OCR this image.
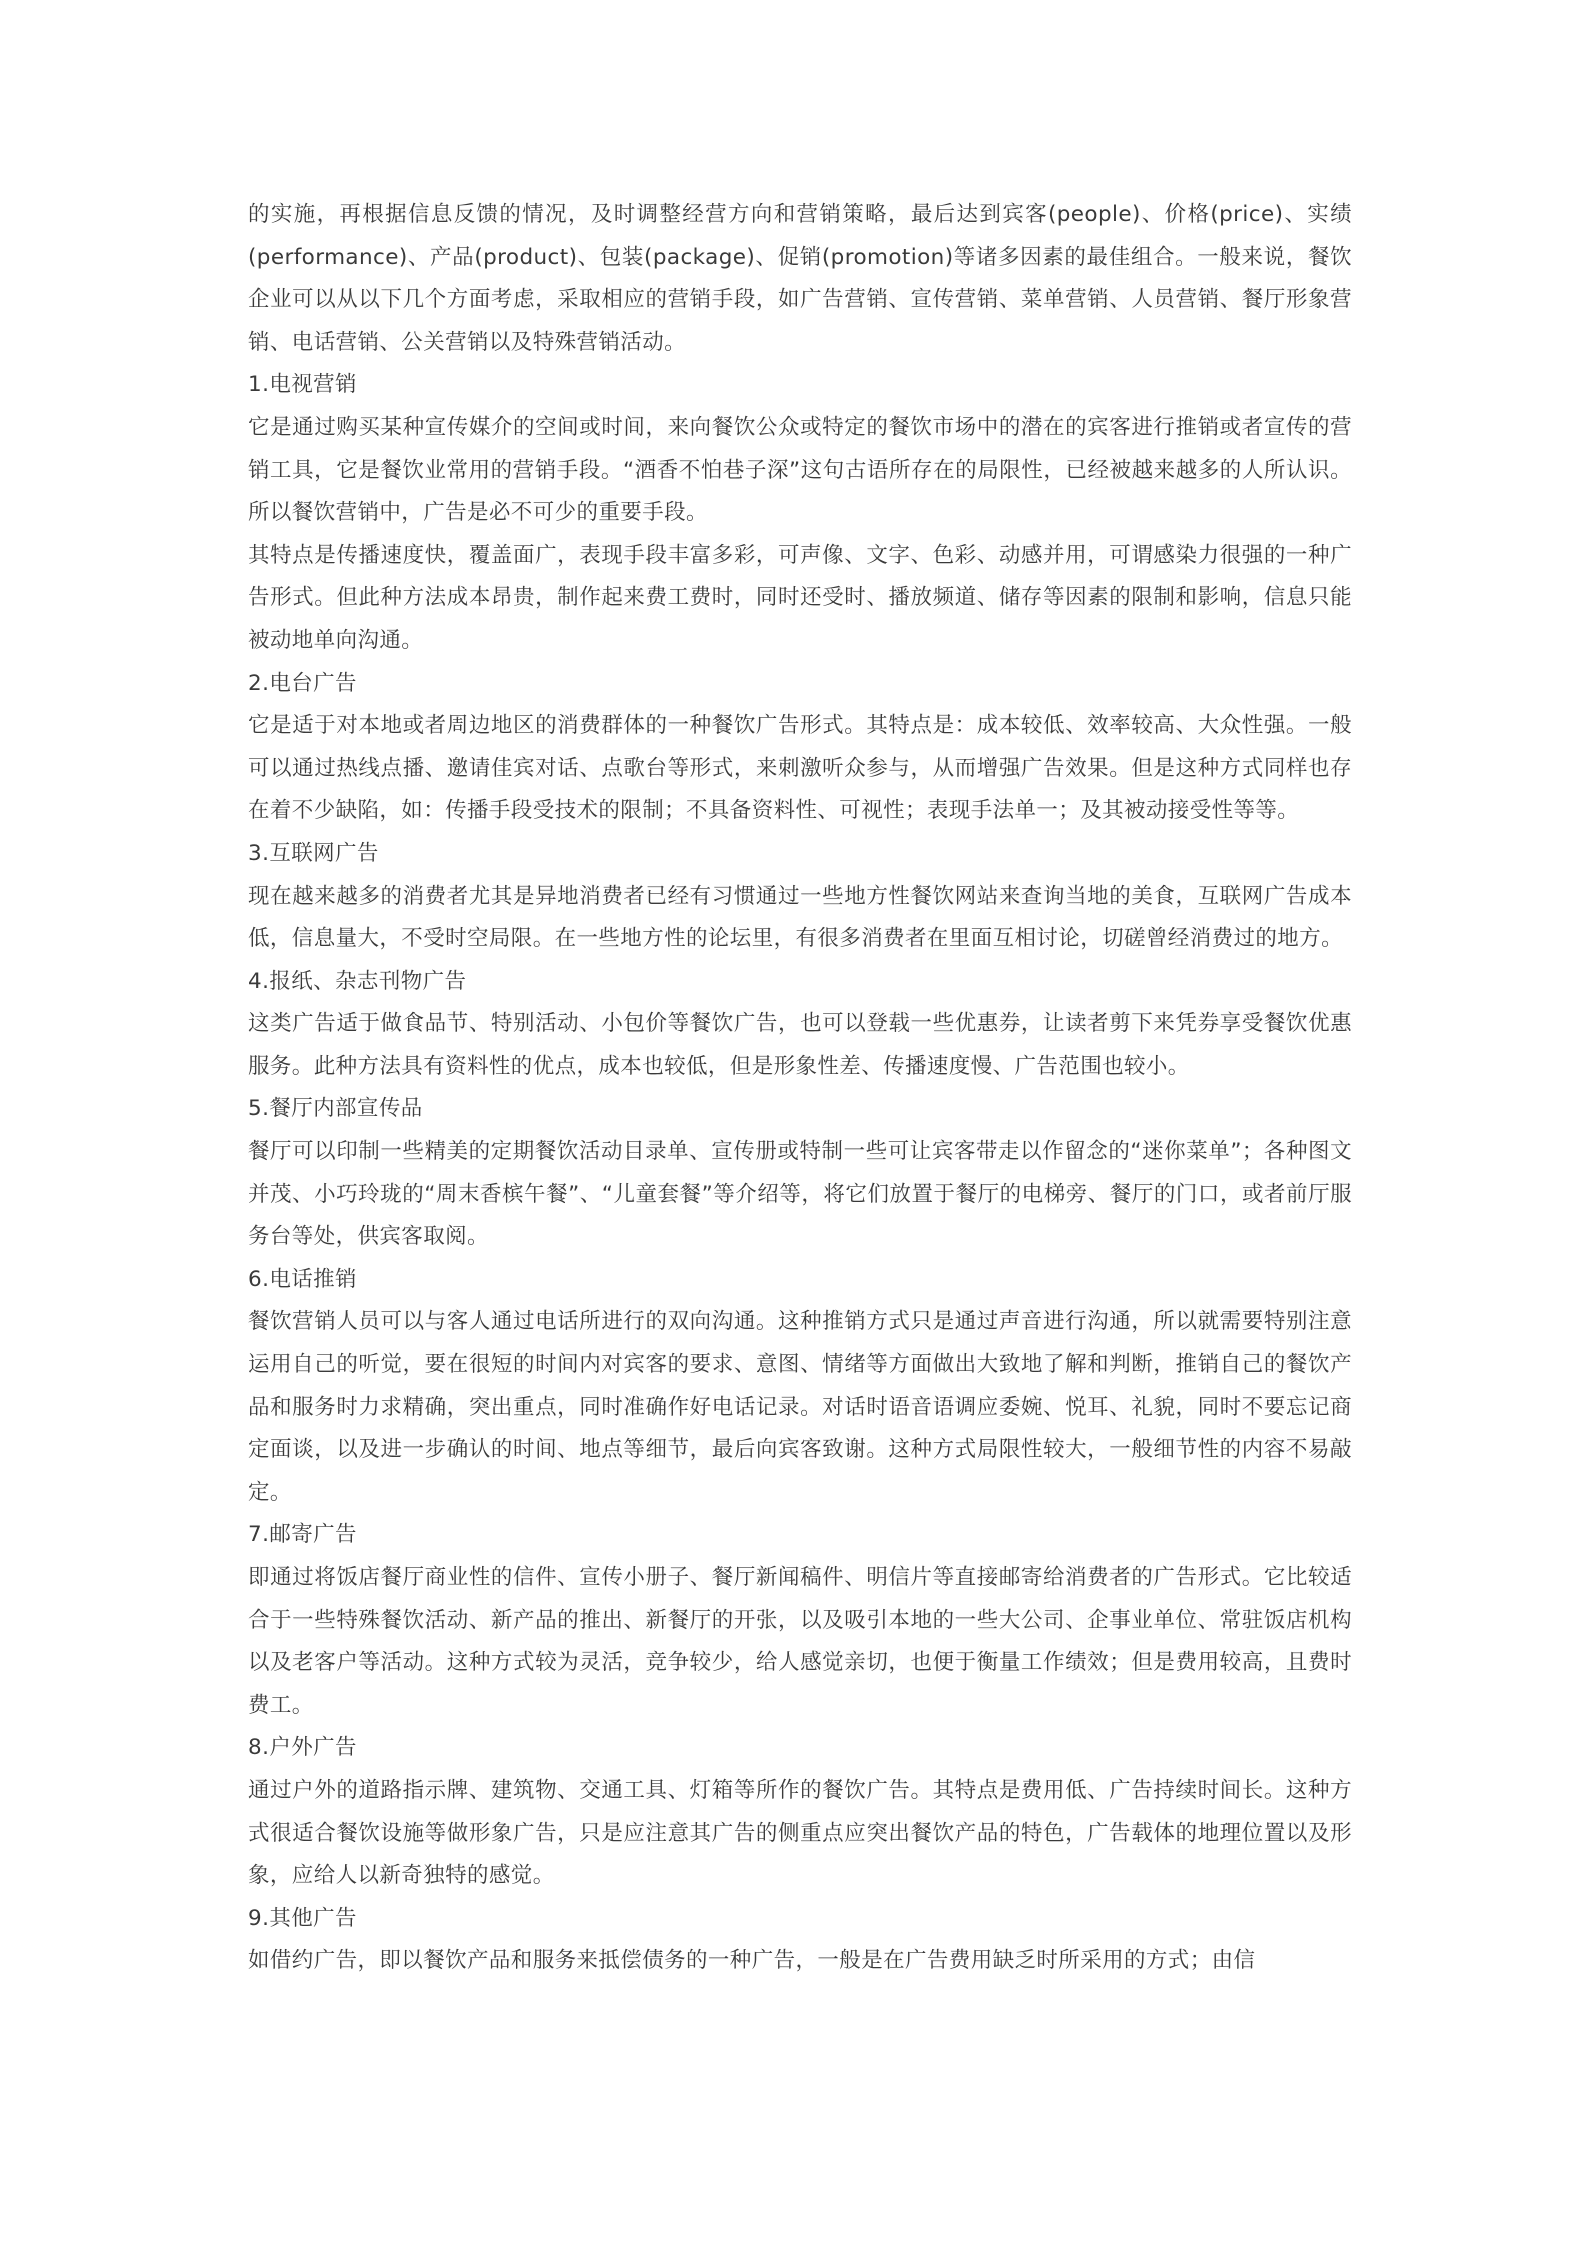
的实施，再根据信息反馈的情况，及时调整经营方向和营销策略，最后达到宾客(people)、价格(price)、实绩(performance)、产品(product)、包装(package)、促销(promotion)等诸多因素的最佳组合。一般来说，餐饮企业可以从以下几个方面考虑，采取相应的营销手段，如广告营销、宣传营销、菜单营销、人员营销、餐厅形象营销、电话营销、公关营销以及特殊营销活动。

1.电视营销

它是通过购买某种宣传媒介的空间或时间，来向餐饮公众或特定的餐饮市场中的潜在的宾客进行推销或者宣传的营销工具，它是餐饮业常用的营销手段。“酒香不怕巷子深”这句古语所存在的局限性，已经被越来越多的人所认识。所以餐饮营销中，广告是必不可少的重要手段。

其特点是传播速度快，覆盖面广，表现手段丰富多彩，可声像、文字、色彩、动感并用，可谓感染力很强的一种广告形式。但此种方法成本昂贵，制作起来费工费时，同时还受时、播放频道、储存等因素的限制和影响，信息只能被动地单向沟通。

2.电台广告

它是适于对本地或者周边地区的消费群体的一种餐饮广告形式。其特点是：成本较低、效率较高、大众性强。一般可以通过热线点播、邀请佳宾对话、点歌台等形式，来刺激听众参与，从而增强广告效果。但是这种方式同样也存在着不少缺陷，如：传播手段受技术的限制；不具备资料性、可视性；表现手法单一；及其被动接受性等等。

3.互联网广告

现在越来越多的消费者尤其是异地消费者已经有习惯通过一些地方性餐饮网站来查询当地的美食，互联网广告成本低，信息量大，不受时空局限。在一些地方性的论坛里，有很多消费者在里面互相讨论，切磋曾经消费过的地方。

4.报纸、杂志刊物广告

这类广告适于做食品节、特别活动、小包价等餐饮广告，也可以登载一些优惠券，让读者剪下来凭券享受餐饮优惠服务。此种方法具有资料性的优点，成本也较低，但是形象性差、传播速度慢、广告范围也较小。

5.餐厅内部宣传品

餐厅可以印制一些精美的定期餐饮活动目录单、宣传册或特制一些可让宾客带走以作留念的“迷你菜单”；各种图文并茂、小巧玲珑的“周末香槟午餐”、“儿童套餐”等介绍等，将它们放置于餐厅的电梯旁、餐厅的门口，或者前厅服务台等处，供宾客取阅。

6.电话推销

餐饮营销人员可以与客人通过电话所进行的双向沟通。这种推销方式只是通过声音进行沟通，所以就需要特别注意运用自己的听觉，要在很短的时间内对宾客的要求、意图、情绪等方面做出大致地了解和判断，推销自己的餐饮产品和服务时力求精确，突出重点，同时准确作好电话记录。对话时语音语调应委婉、悦耳、礼貌，同时不要忘记商定面谈，以及进一步确认的时间、地点等细节，最后向宾客致谢。这种方式局限性较大，一般细节性的内容不易敲定。

7.邮寄广告

即通过将饭店餐厅商业性的信件、宣传小册子、餐厅新闻稿件、明信片等直接邮寄给消费者的广告形式。它比较适合于一些特殊餐饮活动、新产品的推出、新餐厅的开张，以及吸引本地的一些大公司、企事业单位、常驻饭店机构以及老客户等活动。这种方式较为灵活，竞争较少，给人感觉亲切，也便于衡量工作绩效；但是费用较高，且费时费工。

8.户外广告

通过户外的道路指示牌、建筑物、交通工具、灯箱等所作的餐饮广告。其特点是费用低、广告持续时间长。这种方式很适合餐饮设施等做形象广告，只是应注意其广告的侧重点应突出餐饮产品的特色，广告载体的地理位置以及形象，应给人以新奇独特的感觉。

9.其他广告

如借约广告，即以餐饮产品和服务来抵偿债务的一种广告，一般是在广告费用缺乏时所采用的方式；由信
